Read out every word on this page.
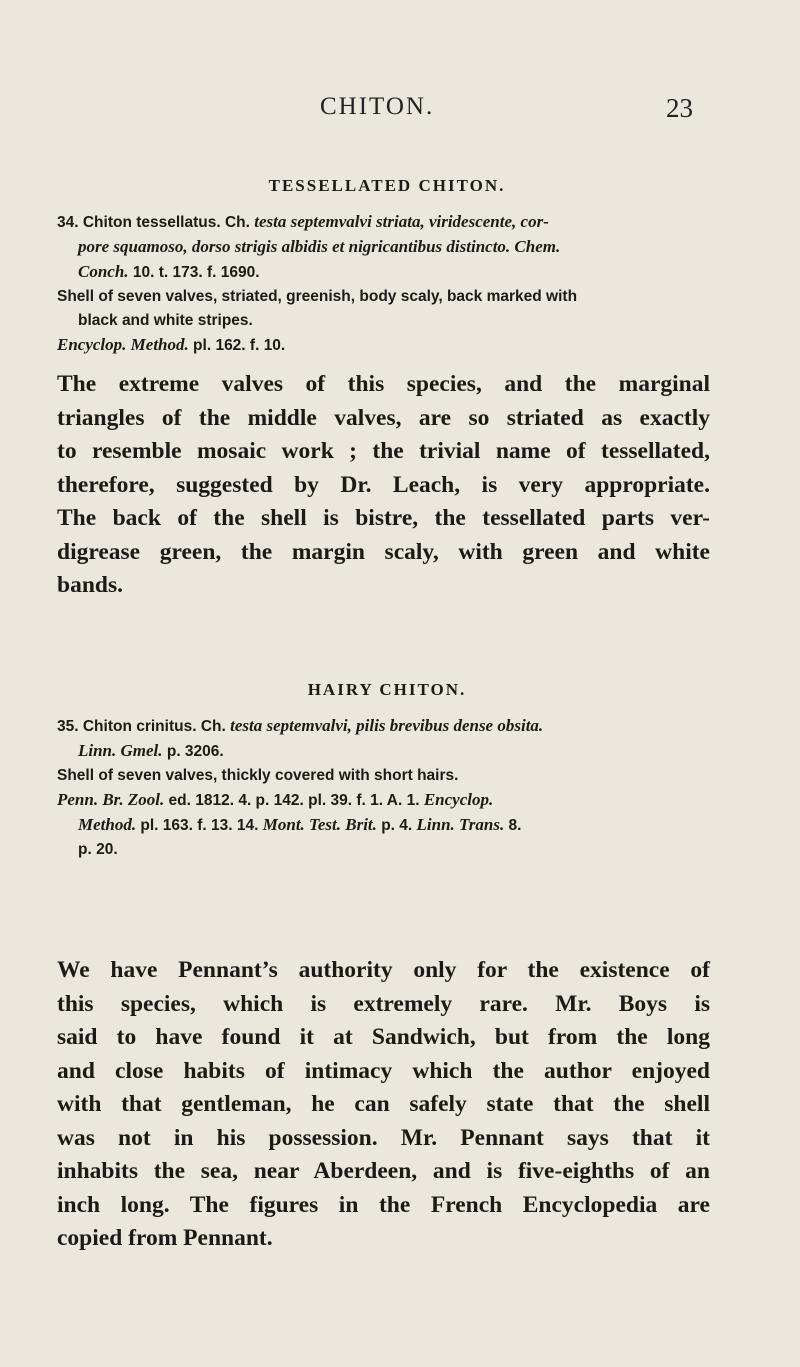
CHITON.	23
TESSELLATED CHITON.
34. Chiton tessellatus. Ch. testa septemvalvi striata, viridescente, cor-
pore squamoso, dorso strigis albidis et nigricantibus distincto. Chem.
Conch. 10. t. 173. f. 1690.
Shell of seven valves, striated, greenish, body scaly, back marked with
black and white stripes.
Encyclop. Method. pl. 162. f. 10.
The extreme valves of this species, and the marginal
triangles of the middle valves, are so striated as exactly
to resemble mosaic work ; the trivial name of tessellated,
therefore, suggested by Dr. Leach, is very appropriate.
The back of the shell is bistre, the tessellated parts ver-
digrease green, the margin scaly, with green and white
bands.
HAIRY CHITON.
35. Chiton crinitus. Ch. testa septemvalvi, pilis brevibus dense obsita.
Linn. Gmel. p. 3206.
Shell of seven valves, thickly covered with short hairs.
Penn. Br. Zool. ed. 1812. 4. p. 142. pl. 39. f. 1. A. 1. Encyclop.
Method. pl. 163. f. 13. 14. Mont. Test. Brit. p. 4. Linn. Trans. 8.
p. 20.
We have Pennant’s authority only for the existence of
this species, which is extremely rare. Mr. Boys is
said to have found it at Sandwich, but from the long
and close habits of intimacy which the author enjoyed
with that gentleman, he can safely state that the shell
was not in his possession. Mr. Pennant says that it
inhabits the sea, near Aberdeen, and is five-eighths of an
inch long. The figures in the French Encyclopedia are
copied from Pennant.
